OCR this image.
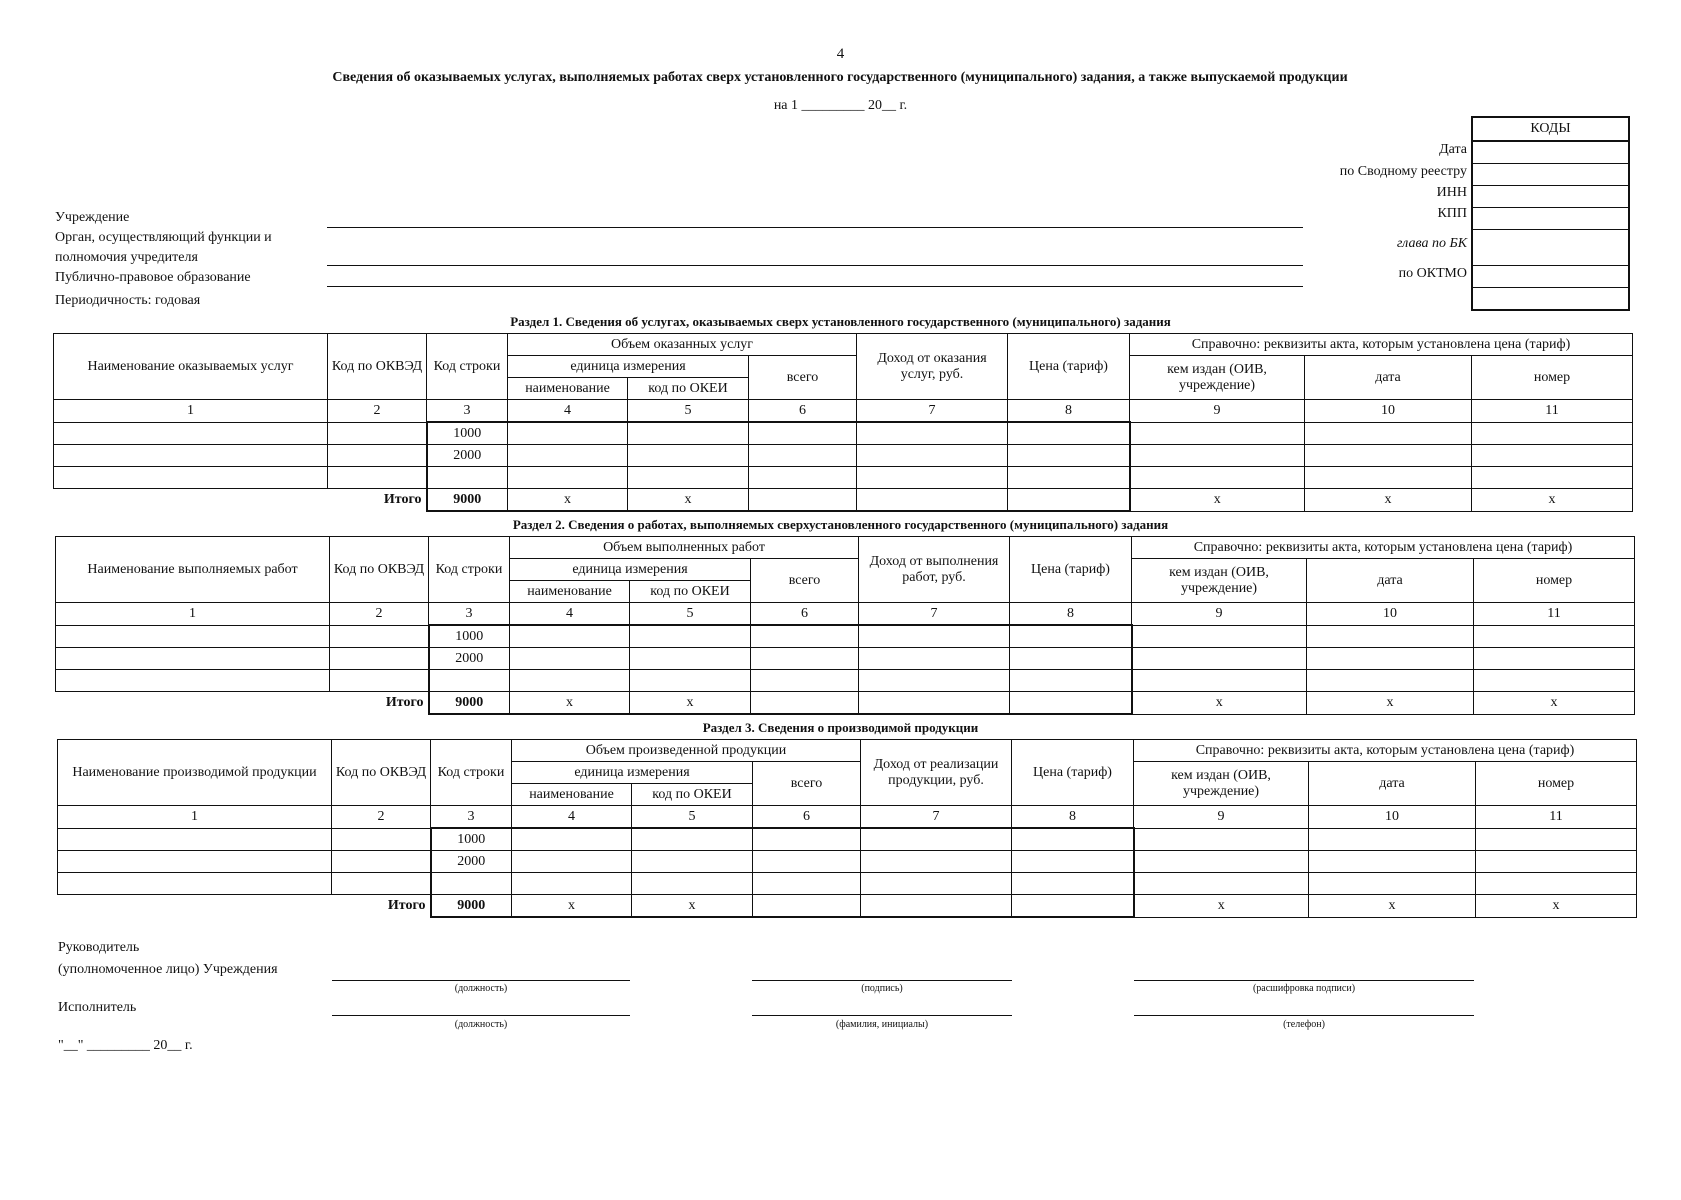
4
Сведения об оказываемых услугах, выполняемых работах сверх установленного государственного (муниципального) задания, а также выпускаемой продукции
на 1 _________ 20__ г.
КОДЫ
Дата
по Сводному реестру
ИНН
КПП
глава по БК
по ОКТМО
Учреждение
Орган, осуществляющий функции и
полномочия учредителя
Публично-правовое образование
Периодичность: годовая
Раздел 1. Сведения об услугах, оказываемых сверх установленного государственного (муниципального) задания
Раздел 2. Сведения о работах, выполняемых сверхустановленного государственного (муниципального) задания
Раздел 3. Сведения о производимой продукции
Наименование оказываемых услуг	Код по ОКВЭД	Код строки	Объем оказанных услуг			Доход от оказания услуг, руб.	Цена (тариф)	Справочно: реквизиты акта, которым установлена цена (тариф)		
			единица измерения		всего			кем издан (ОИВ, учреждение)	дата	номер
			наименование	код по ОКЕИ						
1	2	3	4	5	6	7	8	9	10	11
		1000								
		2000								

Итого		9000	x	x				x	x	x
Наименование выполняемых работ	Код по ОКВЭД	Код строки	Объем выполненных работ			Доход от выполнения работ, руб.	Цена (тариф)	Справочно: реквизиты акта, которым установлена цена (тариф)		
			единица измерения		всего			кем издан (ОИВ, учреждение)	дата	номер
			наименование	код по ОКЕИ						
1	2	3	4	5	6	7	8	9	10	11
		1000								
		2000								

Итого		9000	x	x				x	x	x
Наименование производимой продукции	Код по ОКВЭД	Код строки	Объем произведенной продукции			Доход от реализации продукции, руб.	Цена (тариф)	Справочно: реквизиты акта, которым установлена цена (тариф)		
			единица измерения		всего			кем издан (ОИВ, учреждение)	дата	номер
			наименование	код по ОКЕИ						
1	2	3	4	5	6	7	8	9	10	11
		1000								
		2000								

Итого		9000	x	x				x	x	x
Руководитель
(уполномоченное лицо) Учреждения
(должность)	(подпись)	(расшифровка подписи)
Исполнитель
(должность)	(фамилия, инициалы)	(телефон)
"__" _________ 20__ г.
